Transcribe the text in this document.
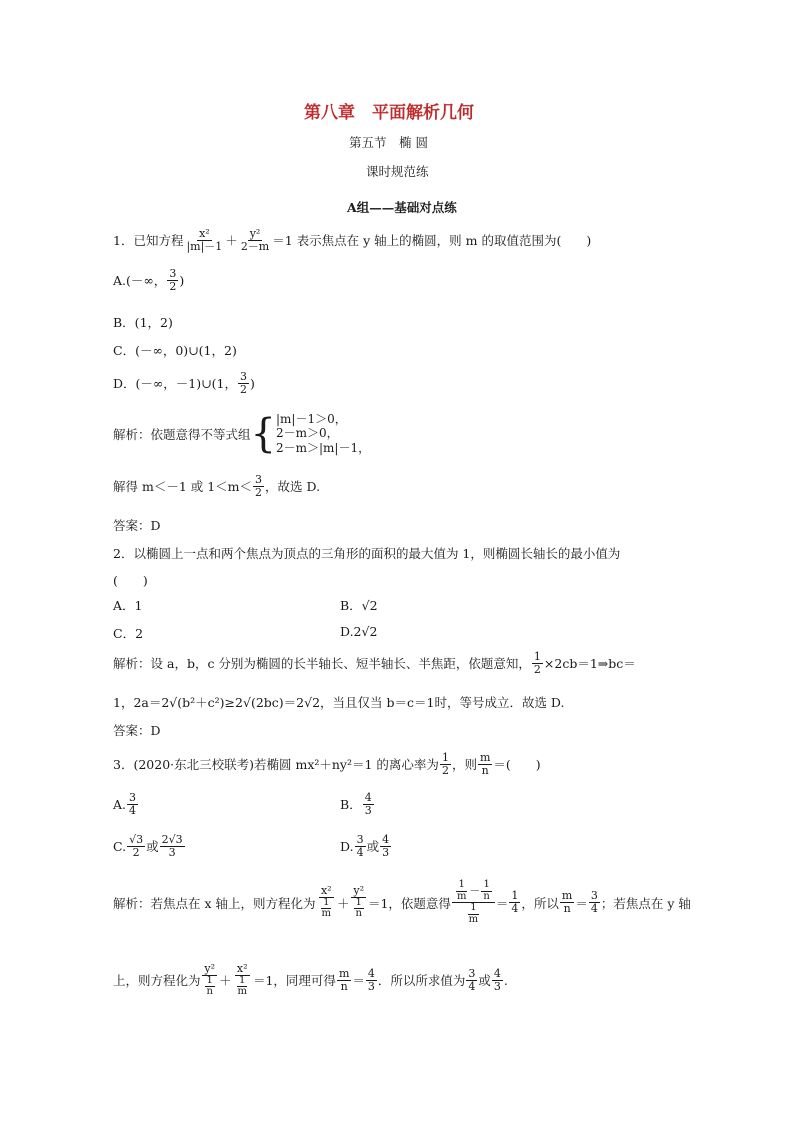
第八章　平面解析几何
第五节　椭 圆
课时规范练
A组——基础对点练
1．已知方程 $\frac{\text{x²}}{|m|-1} + \frac{\text{y²}}{2-m} =1$ 表示焦点在 y 轴上的椭圆，则 m 的取值范围为(　　)
A. (－∞， $\frac{3}{2}$ )
B．(1，2)
C．(－∞，0)∪(1，2)
D．(－∞，－1)∪(1， $\frac{3}{2}$ )
解析： 依题意得不等式组 { |m|－1＞0，
2－m＞0，
2－m＞|m|－1，
解得 m＜－1 或 $1<m< \frac{3}{2}$ ，故选 D.
答案：D
2．以椭圆上一点和两个焦点为顶点的三角形的面积的最大值为 1，则椭圆长轴长的最小值为
(　　)
A．1	B．√2
C．2	D.2√2
解析： 设 a，b，c 分别为椭圆的长半轴长、短半轴长、半焦距，依题意知， $\frac{1}{2}$ ×2cb＝1⇒bc＝
1，2a＝2√(b²＋c²)≥2√(2bc)＝2√2，当且仅当 b＝c＝1时，等号成立．故选 D.
答案：D
3．(2020·东北三校联考)若椭圆 mx²＋ny²＝1 的离心率为 $\frac{1}{2}$ ，则 $\frac{m}{n}$ ＝(　　)
A. $\frac{3}{4}$	B． $\frac{4}{3}$
C. $\frac{√3}{2}$ 或 $\frac{2√3}{3}$	D. $\frac{3}{4}$ 或 $\frac{4}{3}$
解析： 若焦点在 x 轴上，则方程化为 $\frac{\text{x²}}{\frac{1}{m}} + \frac{\text{y²}}{\frac{1}{n}} =1$，依题意得 $\frac{\frac{1}{m} - \frac{1}{n}}{\frac{1}{m}} = \frac{1}{4}$ ，所以 $\frac{m}{n} = \frac{3}{4}$ ；若焦点在 y 轴
上，则方程化为 $\frac{\text{y²}}{\frac{1}{n}} + \frac{\text{x²}}{\frac{1}{m}} =1$，同理可得 $\frac{m}{n} = \frac{4}{3}$ ．所以所求值为 $\frac{3}{4}$ 或 $\frac{4}{3}$ .
